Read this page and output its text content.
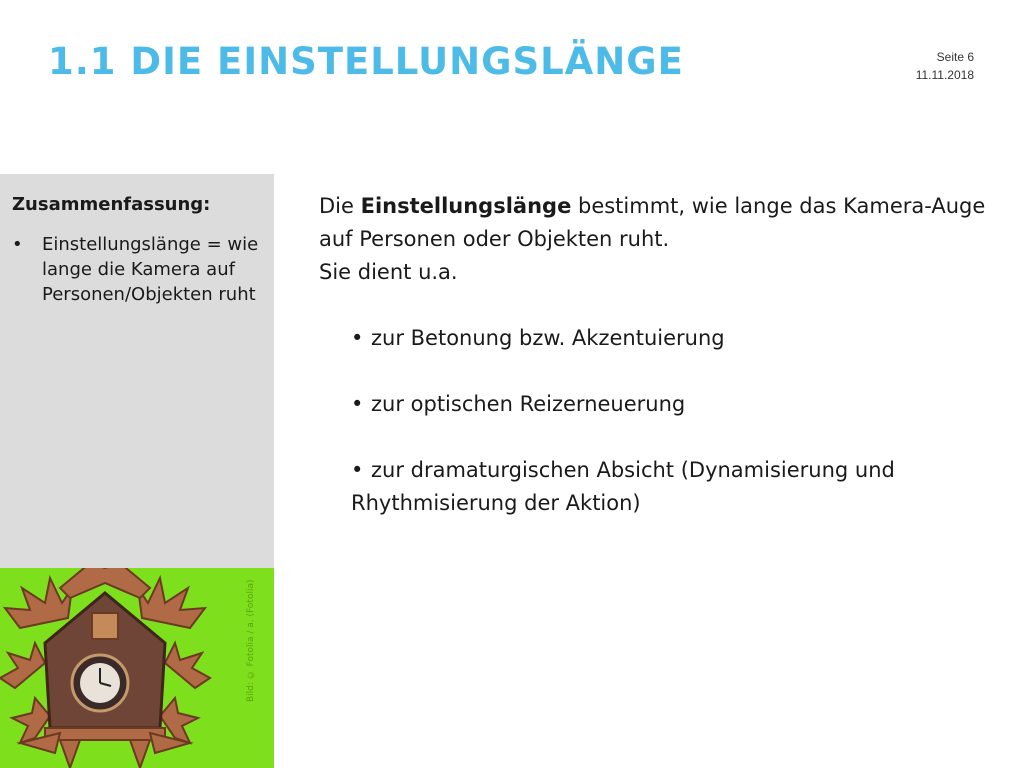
1.1 DIE EINSTELLUNGSLÄNGE	Seite 6
11.11.2018
Zusammenfassung:
• Einstellungslänge = wie lange die Kamera auf Personen/Objekten ruht
Bild: © Fotolia / a. (Fotolia)

Die Einstellungslänge bestimmt, wie lange das Kamera-Auge auf Personen oder Objekten ruht.

Sie dient u.a.

• zur Betonung bzw. Akzentuierung
• zur optischen Reizerneuerung
• zur dramaturgischen Absicht (Dynamisierung und
Rhythmisierung der Aktion)
